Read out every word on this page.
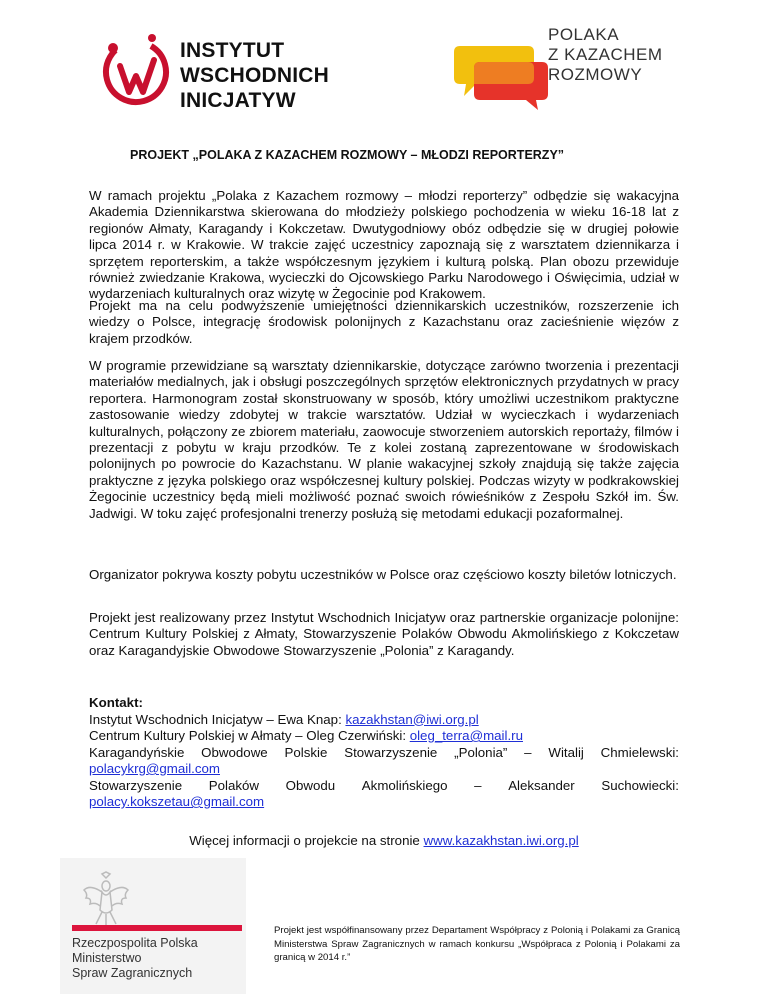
INSTYTUT
WSCHODNICH
INICJATYW
POLAKA
Z KAZACHEM
ROZMOWY
PROJEKT „POLAKA Z KAZACHEM ROZMOWY – MŁODZI REPORTERZY”

W ramach projektu „Polaka z Kazachem rozmowy – młodzi reporterzy” odbędzie się wakacyjna Akademia Dziennikarstwa skierowana do młodzieży polskiego pochodzenia w wieku 16-18 lat z regionów Ałmaty, Karagandy i Kokczetaw. Dwutygodniowy obóz odbędzie się w drugiej połowie lipca 2014 r. w Krakowie. W trakcie zajęć uczestnicy zapoznają się z warsztatem dziennikarza i sprzętem reporterskim, a także współczesnym językiem i kulturą polską. Plan obozu przewiduje również zwiedzanie Krakowa, wycieczki do Ojcowskiego Parku Narodowego i Oświęcimia, udział w wydarzeniach kulturalnych oraz wizytę w Żegocinie pod Krakowem.

Projekt ma na celu podwyższenie umiejętności dziennikarskich uczestników, rozszerzenie ich wiedzy o Polsce, integrację środowisk polonijnych z Kazachstanu oraz zacieśnienie więzów z krajem przodków.

W programie przewidziane są warsztaty dziennikarskie, dotyczące zarówno tworzenia i prezentacji materiałów medialnych, jak i obsługi poszczególnych sprzętów elektronicznych przydatnych w pracy reportera. Harmonogram został skonstruowany w sposób, który umożliwi uczestnikom praktyczne zastosowanie wiedzy zdobytej w trakcie warsztatów. Udział w wycieczkach i wydarzeniach kulturalnych, połączony ze zbiorem materiału, zaowocuje stworzeniem autorskich reportaży, filmów i prezentacji z pobytu w kraju przodków. Te z kolei zostaną zaprezentowane w środowiskach polonijnych po powrocie do Kazachstanu. W planie wakacyjnej szkoły znajdują się także zajęcia praktyczne z języka polskiego oraz współczesnej kultury polskiej. Podczas wizyty w podkrakowskiej Żegocinie uczestnicy będą mieli możliwość poznać swoich rówieśników z Zespołu Szkół im. Św. Jadwigi. W toku zajęć profesjonalni trenerzy posłużą się metodami edukacji pozaformalnej.

Organizator pokrywa koszty pobytu uczestników w Polsce oraz częściowo koszty biletów lotniczych.

Projekt jest realizowany przez Instytut Wschodnich Inicjatyw oraz partnerskie organizacje polonijne: Centrum Kultury Polskiej z Ałmaty, Stowarzyszenie Polaków Obwodu Akmolińskiego z Kokczetaw oraz Karagandyjskie Obwodowe Stowarzyszenie „Polonia” z Karagandy.

Kontakt:
Instytut Wschodnich Inicjatyw – Ewa Knap: kazakhstan@iwi.org.pl
Centrum Kultury Polskiej w Ałmaty – Oleg Czerwiński: oleg_terra@mail.ru
Karagandyńskie Obwodowe Polskie Stowarzyszenie „Polonia” – Witalij Chmielewski:
polacykrg@gmail.com
Stowarzyszenie Polaków Obwodu Akmolińskiego – Aleksander Suchowiecki:
polacy.kokszetau@gmail.com
Więcej informacji o projekcie na stronie www.kazakhstan.iwi.org.pl
Rzeczpospolita Polska
Ministerstwo
Spraw Zagranicznych
Projekt jest współfinansowany przez Departament Współpracy z Polonią i Polakami za Granicą Ministerstwa Spraw Zagranicznych w ramach konkursu „Współpraca z Polonią i Polakami za granicą w 2014 r.”
